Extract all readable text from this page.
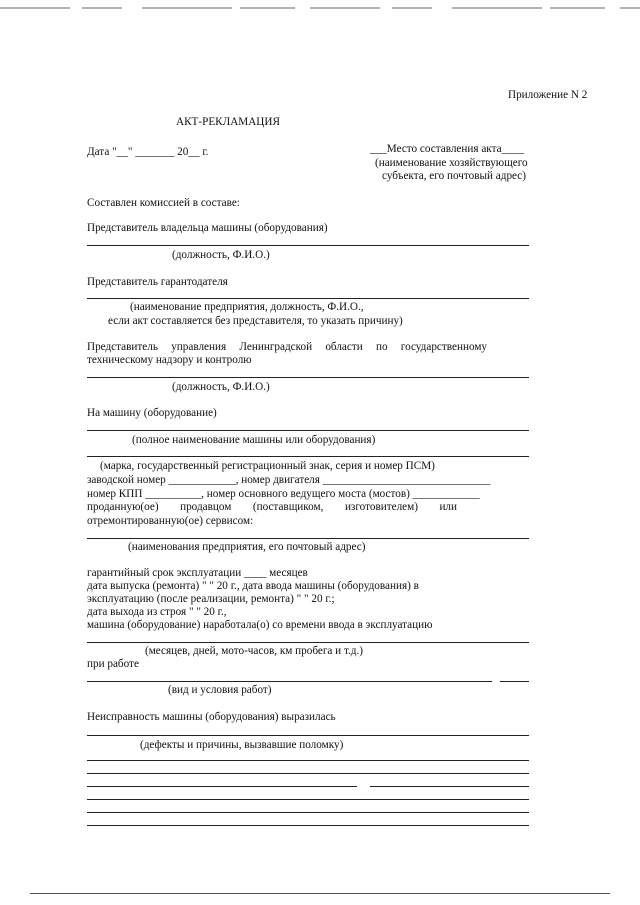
Приложение N 2
АКТ-РЕКЛАМАЦИЯ
Дата "__" _______ 20__ г.	___Место составления акта____
(наименование хозяйствующего
субъекта, его почтовый адрес)
Составлен комиссией в составе:
Представитель владельца машины (оборудования)
(должность, Ф.И.О.)
Представитель гарантодателя
(наименование предприятия, должность, Ф.И.О.,
если акт составляется без представителя, то указать причину)
Представитель управления Ленинградской области по государственному
техническому надзору и контролю
(должность, Ф.И.О.)
На машину (оборудование)
(полное наименование машины или оборудования)
(марка, государственный регистрационный знак, серия и номер ПСМ)
заводской номер ____________, номер двигателя ______________________________
номер КПП __________, номер основного ведущего моста (мостов) ____________
проданную(ое) продавцом (поставщиком, изготовителем) или
отремонтированную(ое) сервисом:
(наименования предприятия, его почтовый адрес)
гарантийный срок эксплуатации ____ месяцев
дата выпуска (ремонта) " " 20 г., дата ввода машины (оборудования) в
эксплуатацию (после реализации, ремонта) " " 20 г.;
дата выхода из строя " " 20 г.,
машина (оборудование) наработала(о) со времени ввода в эксплуатацию
(месяцев, дней, мото-часов, км пробега и т.д.)
при работе
(вид и условия работ)
Неисправность машины (оборудования) выразилась
(дефекты и причины, вызвавшие поломку)
